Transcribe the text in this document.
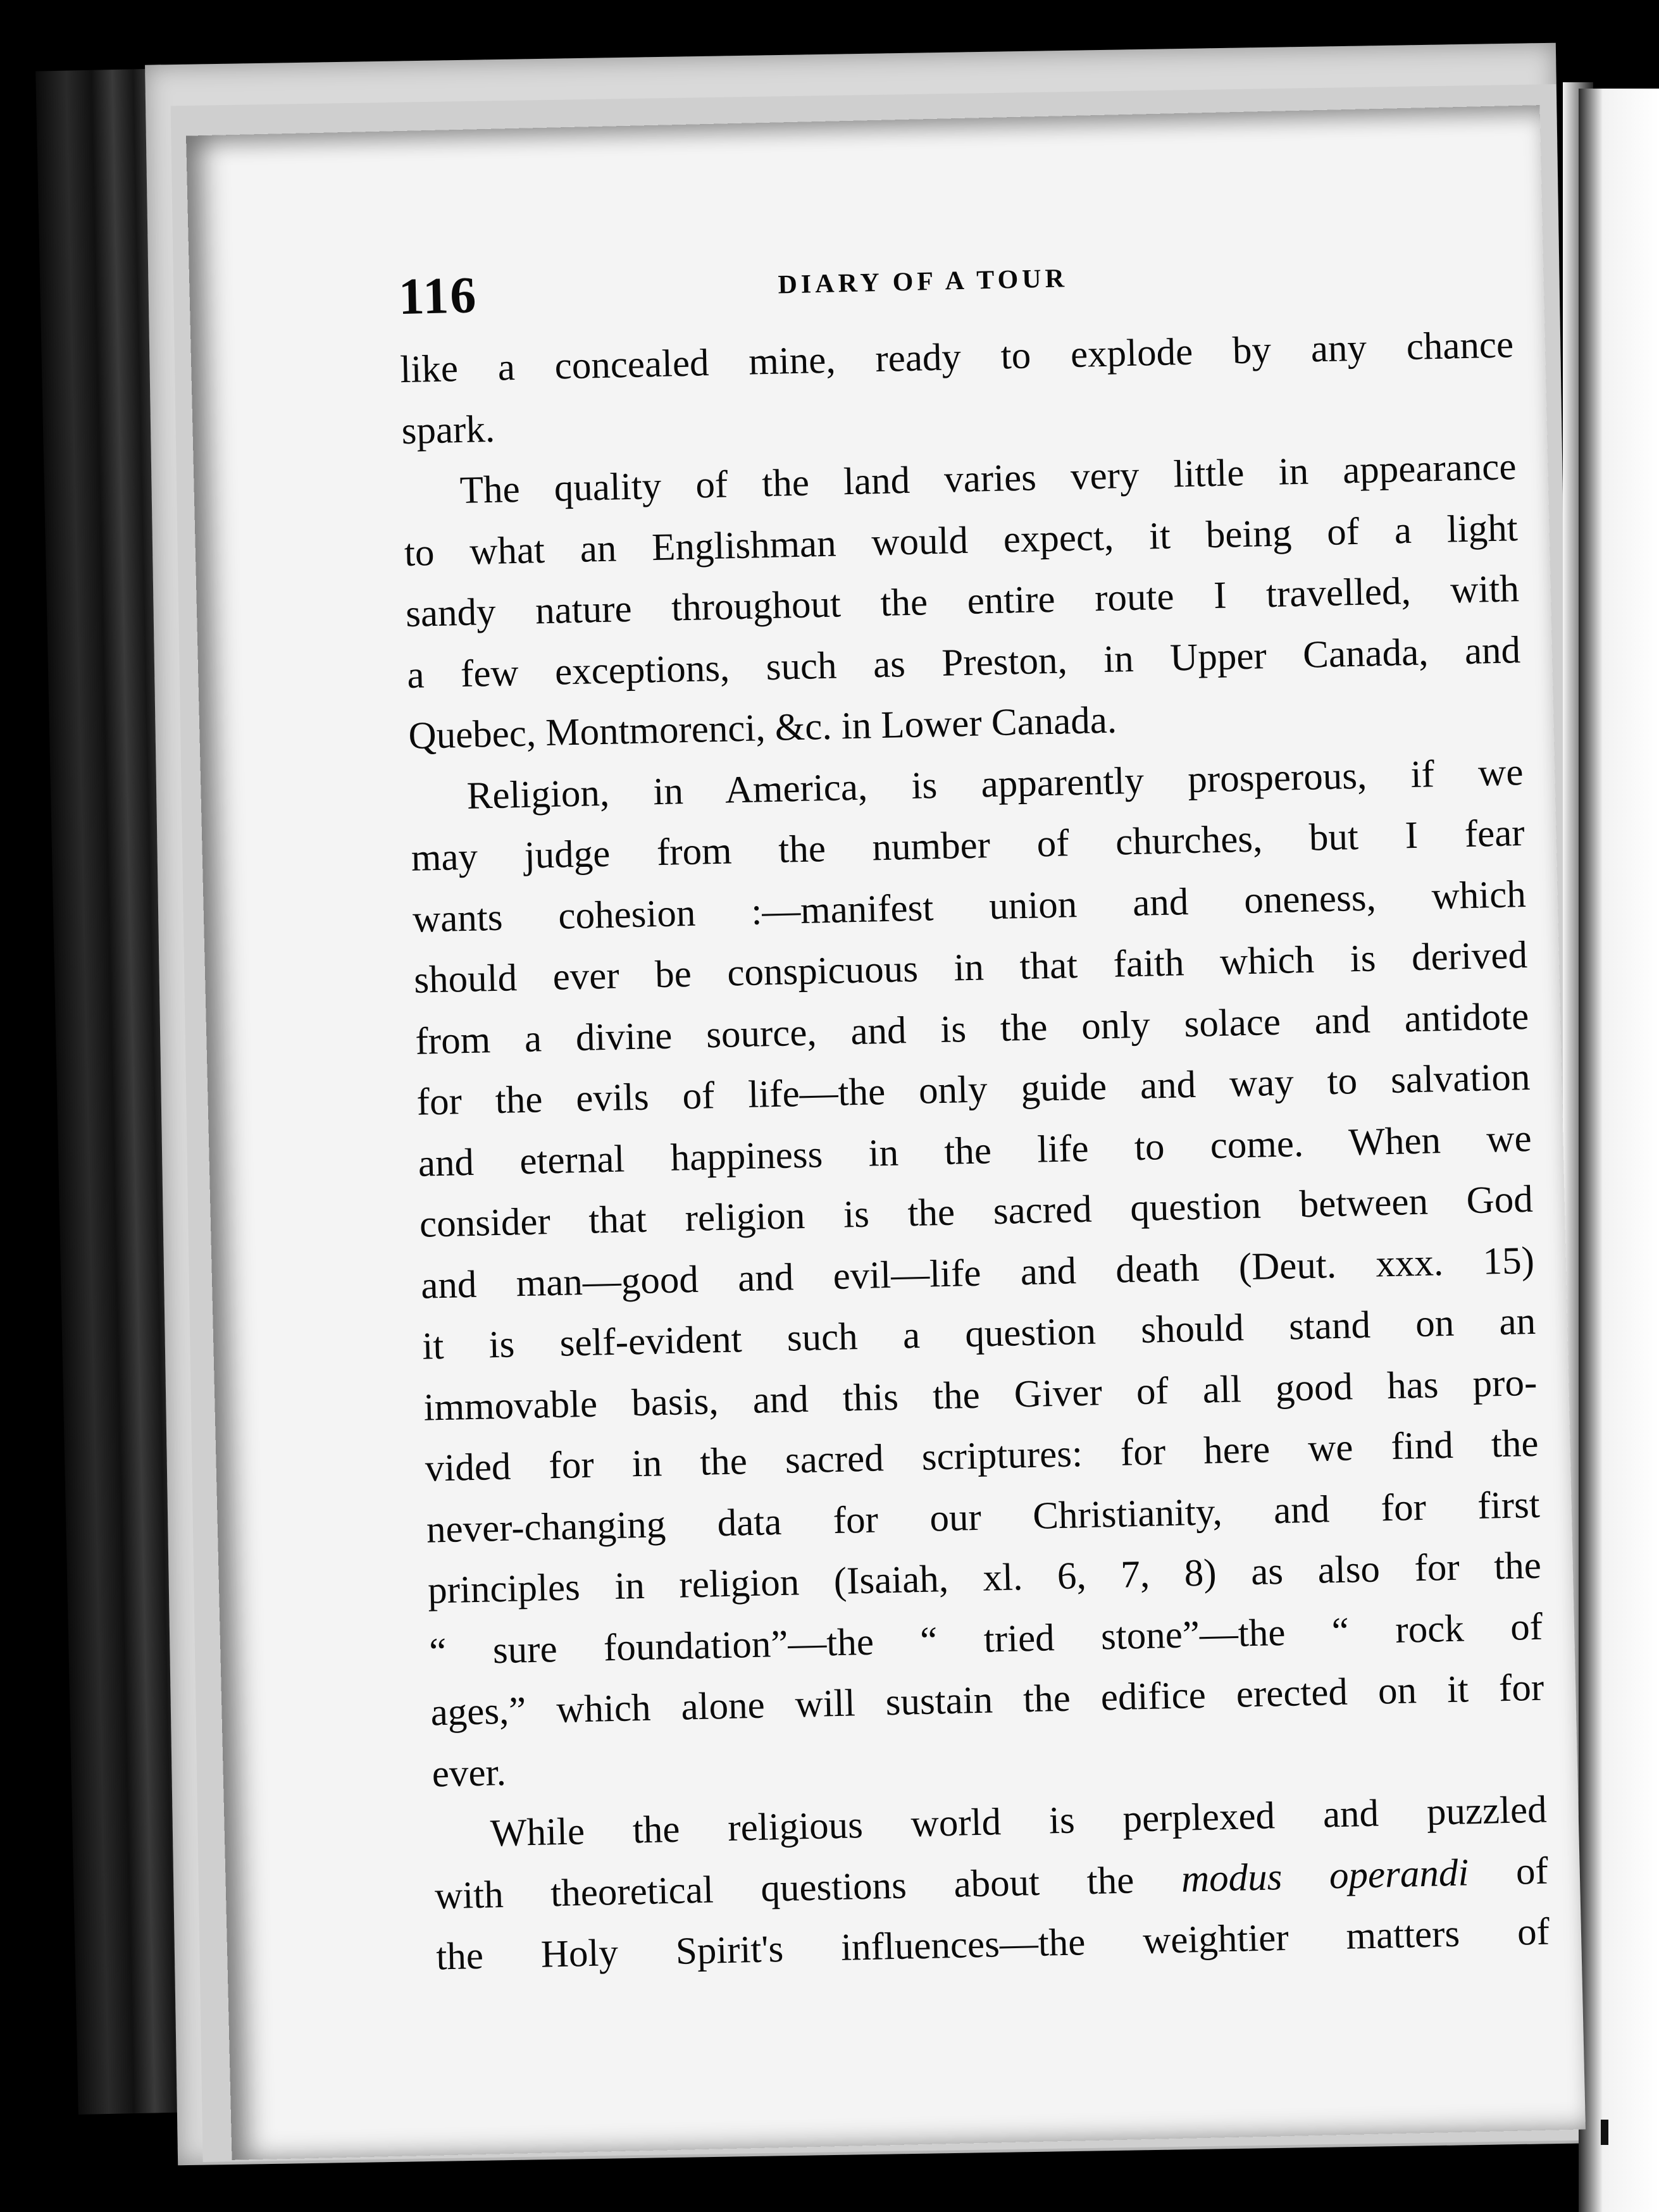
116	DIARY OF A TOUR
like a concealed mine, ready to explode by any chance
spark.
The quality of the land varies very little in appearance
to what an Englishman would expect, it being of a light
sandy nature throughout the entire route I travelled, with
a few exceptions, such as Preston, in Upper Canada, and
Quebec, Montmorenci, &c. in Lower Canada.
Religion, in America, is apparently prosperous, if we
may judge from the number of churches, but I fear
wants cohesion :—manifest union and oneness, which
should ever be conspicuous in that faith which is derived
from a divine source, and is the only solace and antidote
for the evils of life—the only guide and way to salvation
and eternal happiness in the life to come. When we
consider that religion is the sacred question between God
and man—good and evil—life and death (Deut. xxx. 15)
it is self-evident such a question should stand on an
immovable basis, and this the Giver of all good has pro-
vided for in the sacred scriptures: for here we find the
never-changing data for our Christianity, and for first
principles in religion (Isaiah, xl. 6, 7, 8) as also for the
“ sure foundation”—the “ tried stone”—the “ rock of
ages,” which alone will sustain the edifice erected on it for
ever.
While the religious world is perplexed and puzzled
with theoretical questions about the modus operandi of
the Holy Spirit's influences—the weightier matters of
